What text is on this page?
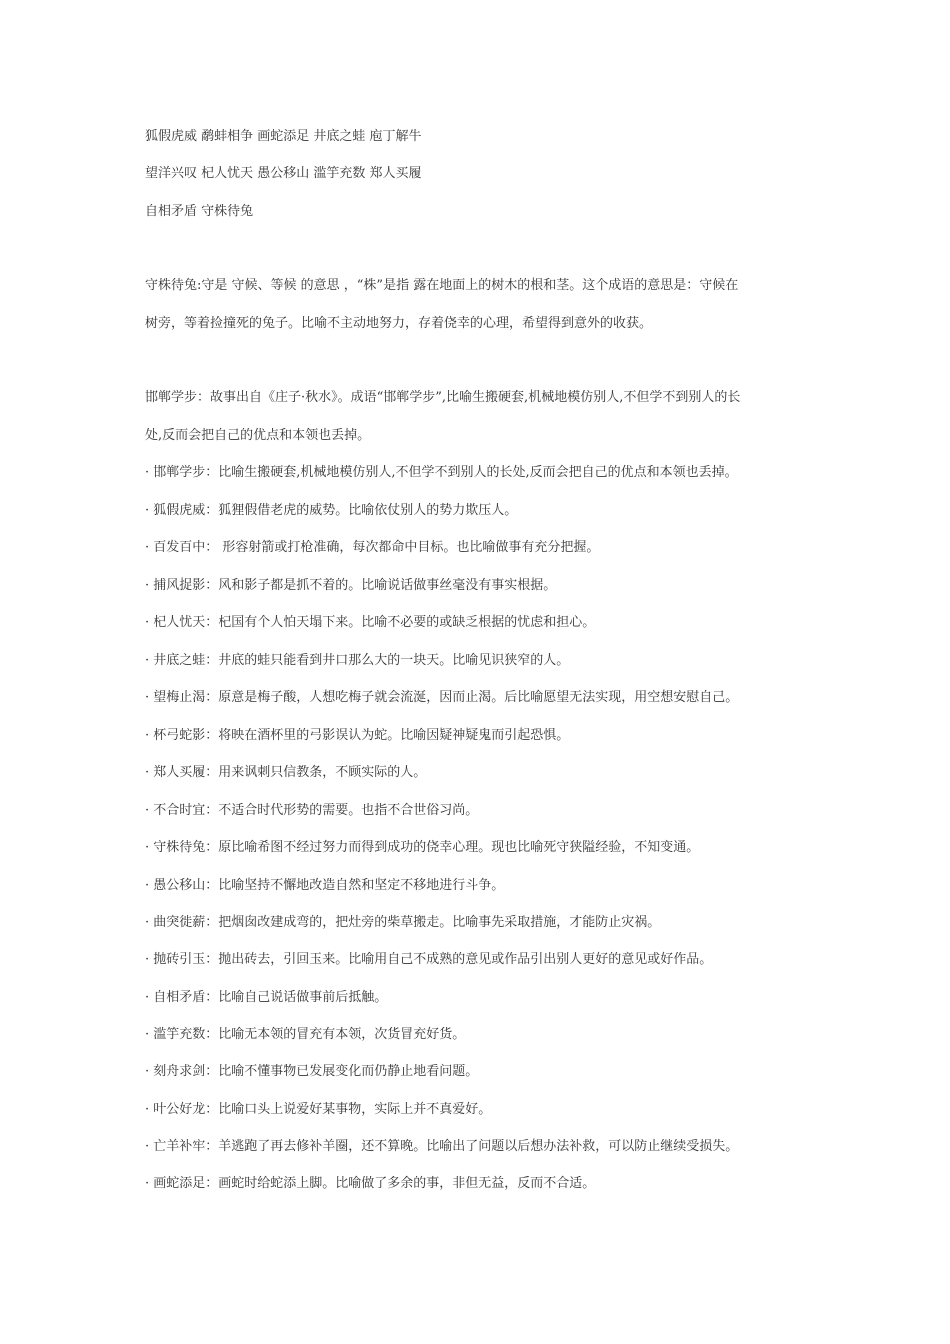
狐假虎威 鹬蚌相争 画蛇添足 井底之蛙 庖丁解牛
望洋兴叹 杞人忧天 愚公移山 滥竽充数 郑人买履
自相矛盾 守株待兔
守株待兔:守是 守候、等候 的意思 ，“株”是指 露在地面上的树木的根和茎。这个成语的意思是：守候在
树旁，等着捡撞死的兔子。比喻不主动地努力，存着侥幸的心理，希望得到意外的收获。
邯郸学步：故事出自《庄子·秋水》。成语“邯郸学步”,比喻生搬硬套,机械地模仿别人,不但学不到别人的长
处,反而会把自己的优点和本领也丢掉。
· 邯郸学步：比喻生搬硬套,机械地模仿别人,不但学不到别人的长处,反而会把自己的优点和本领也丢掉。
· 狐假虎威：狐狸假借老虎的威势。比喻依仗别人的势力欺压人。
· 百发百中： 形容射箭或打枪准确，每次都命中目标。也比喻做事有充分把握。
· 捕风捉影：风和影子都是抓不着的。比喻说话做事丝毫没有事实根据。
· 杞人忧天：杞国有个人怕天塌下来。比喻不必要的或缺乏根据的忧虑和担心。
· 井底之蛙：井底的蛙只能看到井口那么大的一块天。比喻见识狭窄的人。
· 望梅止渴：原意是梅子酸，人想吃梅子就会流涎，因而止渴。后比喻愿望无法实现，用空想安慰自己。
· 杯弓蛇影：将映在酒杯里的弓影误认为蛇。比喻因疑神疑鬼而引起恐惧。
· 郑人买履：用来讽刺只信教条，不顾实际的人。
· 不合时宜：不适合时代形势的需要。也指不合世俗习尚。
· 守株待兔：原比喻希图不经过努力而得到成功的侥幸心理。现也比喻死守狭隘经验，不知变通。
· 愚公移山：比喻坚持不懈地改造自然和坚定不移地进行斗争。
· 曲突徙薪：把烟囱改建成弯的，把灶旁的柴草搬走。比喻事先采取措施，才能防止灾祸。
· 抛砖引玉：抛出砖去，引回玉来。比喻用自己不成熟的意见或作品引出别人更好的意见或好作品。
· 自相矛盾：比喻自己说话做事前后抵触。
· 滥竽充数：比喻无本领的冒充有本领，次货冒充好货。
· 刻舟求剑：比喻不懂事物已发展变化而仍静止地看问题。
· 叶公好龙：比喻口头上说爱好某事物，实际上并不真爱好。
· 亡羊补牢：羊逃跑了再去修补羊圈，还不算晚。比喻出了问题以后想办法补救，可以防止继续受损失。
· 画蛇添足：画蛇时给蛇添上脚。比喻做了多余的事，非但无益，反而不合适。
